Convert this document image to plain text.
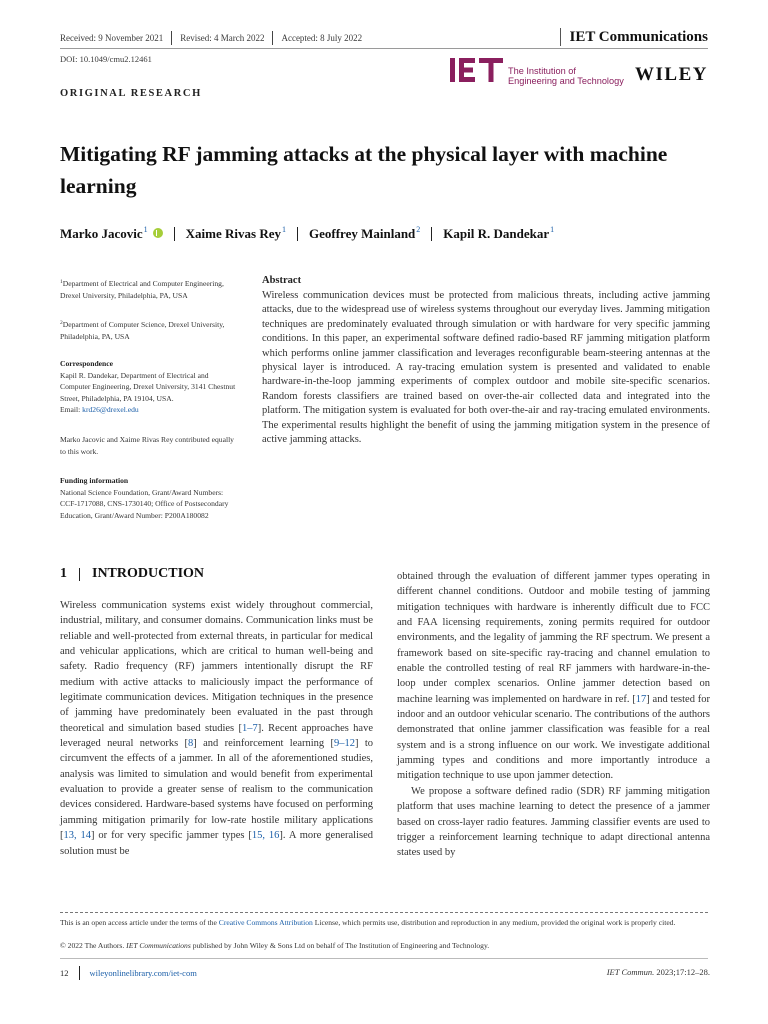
Received: 9 November 2021 Revised: 4 March 2022 Accepted: 8 July 2022	IET Communications
DOI: 10.1049/cmu2.12461
The Institution of
Engineering and Technology WILEY
ORIGINAL RESEARCH
Mitigating RF jamming attacks at the physical layer with machine learning
Marko Jacovic$^1$	Xaime Rivas Rey$^1$ Geoffrey Mainland$^2$ Kapil R. Dandekar$^1$
$^1$Department of Electrical and Computer Engineering, Drexel University, Philadelphia, PA, USA
$^2$Department of Computer Science, Drexel University, Philadelphia, PA, USA
Correspondence
Kapil R. Dandekar, Department of Electrical and Computer Engineering, Drexel University, 3141 Chestnut Street, Philadelphia, PA 19104, USA.
Email: krd26@drexel.edu
Marko Jacovic and Xaime Rivas Rey contributed equally to this work.
Funding information
National Science Foundation, Grant/Award Numbers: CCF-1717088, CNS-1730140; Office of Postsecondary Education, Grant/Award Number: P200A180082
Abstract
Wireless communication devices must be protected from malicious threats, including active jamming attacks, due to the widespread use of wireless systems throughout our everyday lives. Jamming mitigation techniques are predominately evaluated through simulation or with hardware for very specific jamming conditions. In this paper, an experimental software defined radio-based RF jamming mitigation platform which performs online jammer classification and leverages reconfigurable beam-steering antennas at the physical layer is introduced. A ray-tracing emulation system is presented and validated to enable hardware-in-the-loop jamming experiments of complex outdoor and mobile site-specific scenarios. Random forests classifiers are trained based on over-the-air collected data and integrated into the platform. The mitigation system is evaluated for both over-the-air and ray-tracing emulated environments. The experimental results highlight the benefit of using the jamming mitigation system in the presence of active jamming attacks.
1 INTRODUCTION

Wireless communication systems exist widely throughout commercial, industrial, military, and consumer domains. Communication links must be reliable and well-protected from external threats, in particular for medical and vehicular applications, which are critical to human well-being and safety. Radio frequency (RF) jammers intentionally disrupt the RF medium with active attacks to maliciously impact the performance of legitimate communication devices. Mitigation techniques in the presence of jamming have predominately been evaluated in the past through theoretical and simulation based studies [1–7]. Recent approaches have leveraged neural networks [8] and reinforcement learning [9–12] to circumvent the effects of a jammer. In all of the aforementioned studies, analysis was limited to simulation and would benefit from experimental evaluation to provide a greater sense of realism to the communication devices considered. Hardware-based systems have focused on performing jamming mitigation primarily for low-rate hostile military applications [13, 14] or for very specific jammer types [15, 16]. A more generalised solution must be

obtained through the evaluation of different jammer types operating in different channel conditions. Outdoor and mobile testing of jamming mitigation techniques with hardware is inherently difficult due to FCC and FAA licensing requirements, zoning permits required for outdoor environments, and the legality of jamming the RF spectrum. We present a framework based on site-specific ray-tracing and channel emulation to enable the controlled testing of real RF jammers with hardware-in-the-loop under complex scenarios. Online jammer detection based on machine learning was implemented on hardware in ref. [17] and tested for indoor and an outdoor vehicular scenario. The contributions of the authors demonstrated that online jammer classification was feasible for a real system and is a strong influence on our work. We investigate additional jamming types and conditions and more importantly introduce a mitigation technique to use upon jammer detection.

We propose a software defined radio (SDR) RF jamming mitigation platform that uses machine learning to detect the presence of a jammer based on cross-layer radio features. Jamming classifier events are used to trigger a reinforcement learning technique to adapt directional antenna states used by

This is an open access article under the terms of the Creative Commons Attribution License, which permits use, distribution and reproduction in any medium, provided the original work is properly cited.
© 2022 The Authors. IET Communications published by John Wiley & Sons Ltd on behalf of The Institution of Engineering and Technology.
12 wileyonlinelibrary.com/iet-com	IET Commun. 2023;17:12–28.
